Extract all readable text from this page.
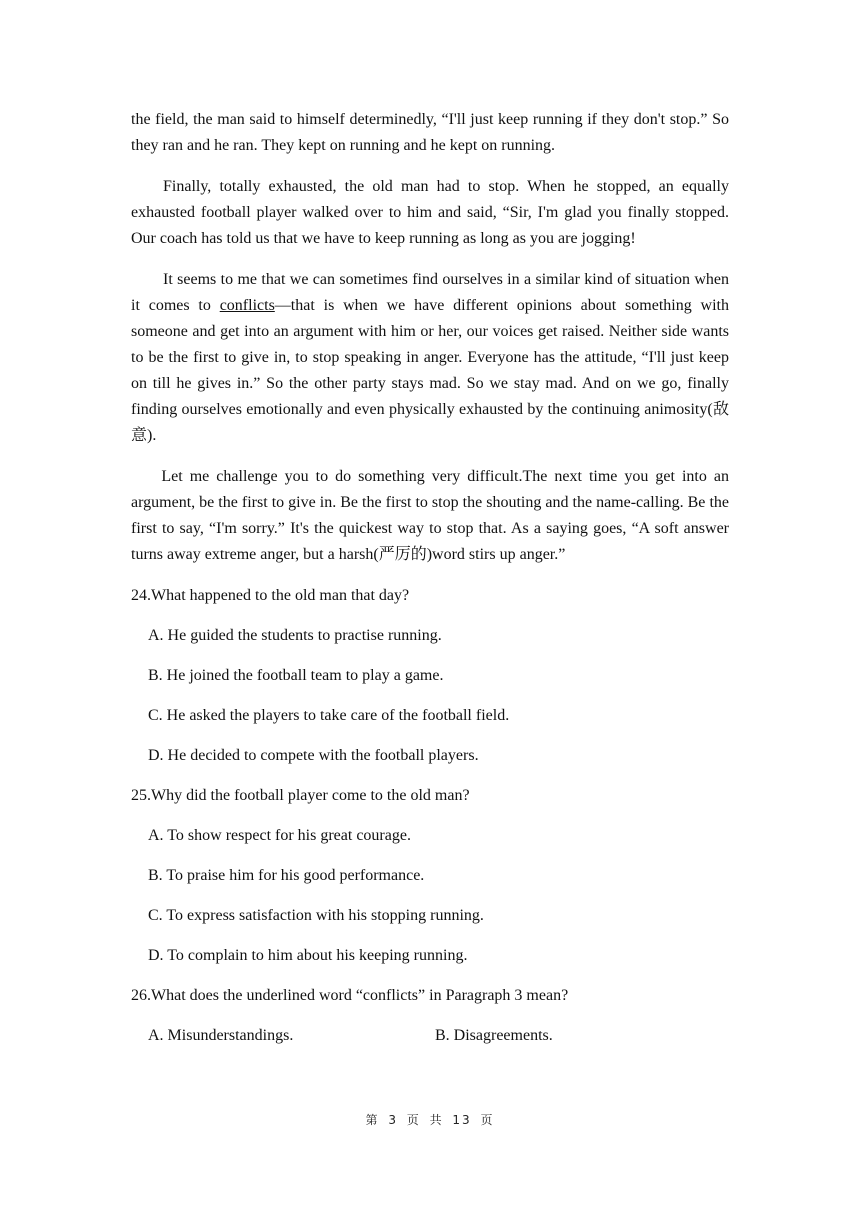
the field, the man said to himself determinedly, “I'll just keep running if they don't stop.” So they ran and he ran. They kept on running and he kept on running.

Finally, totally exhausted, the old man had to stop. When he stopped, an equally exhausted football player walked over to him and said, “Sir, I'm glad you finally stopped. Our coach has told us that we have to keep running as long as you are jogging!

It seems to me that we can sometimes find ourselves in a similar kind of situation when it comes to conflicts—that is when we have different opinions about something with someone and get into an argument with him or her, our voices get raised. Neither side wants to be the first to give in, to stop speaking in anger. Everyone has the attitude, “I'll just keep on till he gives in.” So the other party stays mad. So we stay mad. And on we go, finally finding ourselves emotionally and even physically exhausted by the continuing animosity(敌意).

Let me challenge you to do something very difficult.The next time you get into an argument, be the first to give in. Be the first to stop the shouting and the name-calling. Be the first to say, “I'm sorry.” It's the quickest way to stop that. As a saying goes, “A soft answer turns away extreme anger, but a harsh(严厉的)word stirs up anger.”

24.What happened to the old man that day?
A. He guided the students to practise running.
B. He joined the football team to play a game.
C. He asked the players to take care of the football field.
D. He decided to compete with the football players.
25.Why did the football player come to the old man?
A. To show respect for his great courage.
B. To praise him for his good performance.
C. To express satisfaction with his stopping running.
D. To complain to him about his keeping running.
26.What does the underlined word “conflicts” in Paragraph 3 mean?
A. Misunderstandings.	B. Disagreements.
第 3 页 共 13 页
